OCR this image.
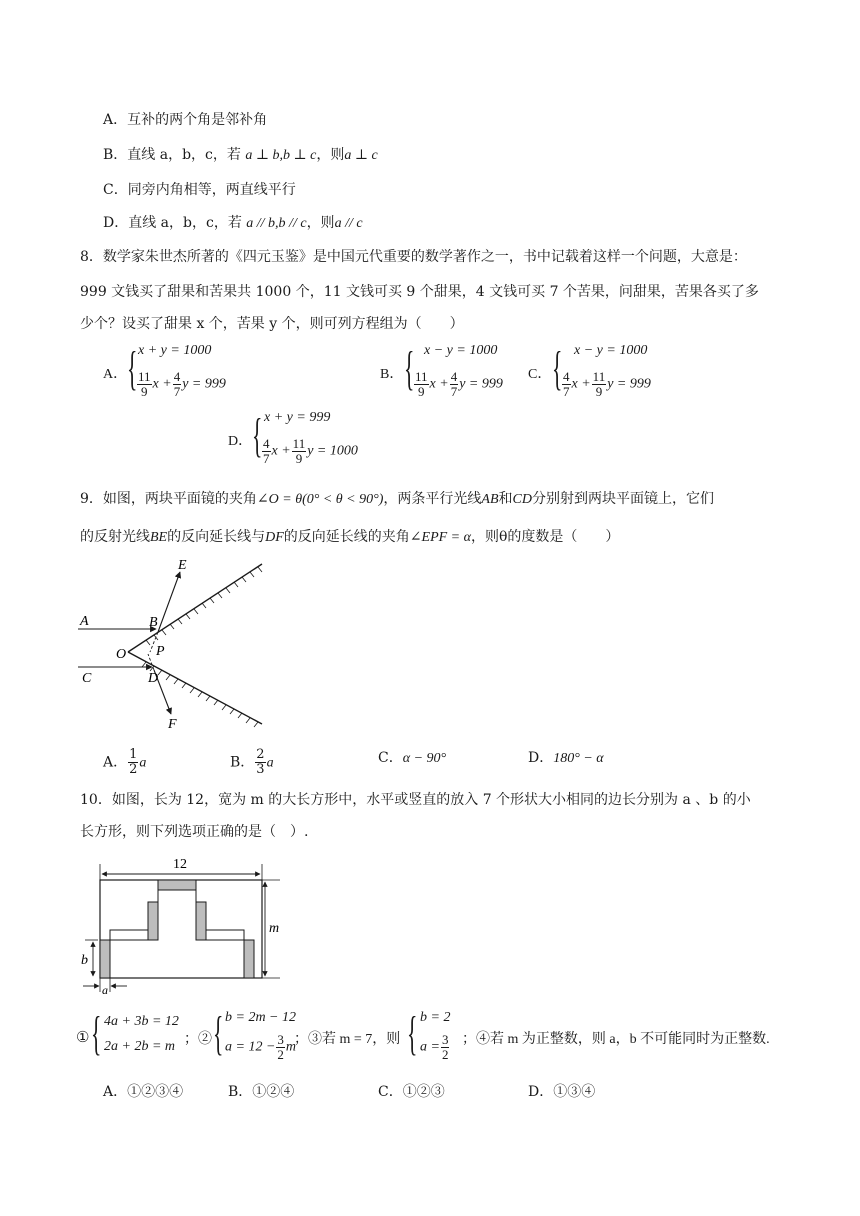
A．互补的两个角是邻补角
B．直线 a，b，c，若 a ⊥ b,b ⊥ c，则a ⊥ c
C．同旁内角相等，两直线平行
D．直线 a，b，c，若 a // b,b // c，则a // c
8．数学家朱世杰所著的《四元玉鉴》是中国元代重要的数学著作之一，书中记载着这样一个问题，大意是：
999 文钱买了甜果和苦果共 1000 个，11 文钱可买 9 个甜果，4 文钱可买 7 个苦果，问甜果，苦果各买了多
少个？设买了甜果 x 个，苦果 y 个，则可列方程组为（　　）
A． { x + y = 1000
$\frac{11}{9}$ $x + \frac{4}{7}$ y = 999
B． { x − y = 1000
$\frac{11}{9}$ $x + \frac{4}{7}$ y = 999
C． { x − y = 1000
$\frac{4}{7}$ $x + \frac{11}{9}$ y = 999
D． { x + y = 999
$\frac{4}{7}$ $x + \frac{11}{9}$ y = 1000
9．如图，两块平面镜的夹角∠O = θ(0° < θ < 90°)，两条平行光线AB和CD分别射到两块平面镜上，它们
的反射光线BE的反向延长线与DF的反向延长线的夹角∠EPF = α，则θ的度数是（　　）
A	B
C	D
E
F
O P
A． $\frac{1}{2}$ a	B． $\frac{2}{3}$ a	C．α − 90°	D．180° − α
10．如图，长为 12，宽为 m 的大长方形中，水平或竖直的放入 7 个形状大小相同的边长分别为 a 、b 的小
长方形，则下列选项正确的是（　）.
12
m
b
a
① { 4a + 3b = 12
2a + 2b = m ；② { b = 2m − 12
$a = 12 - \frac{3}{2}$ m
；③若 m = 7，则 { b = 2
$a = \frac{3}{2}$ ；④若 m 为正整数，则 a，b 不可能同时为正整数.
A．①②③④	B．①②④	C．①②③	D．①③④
